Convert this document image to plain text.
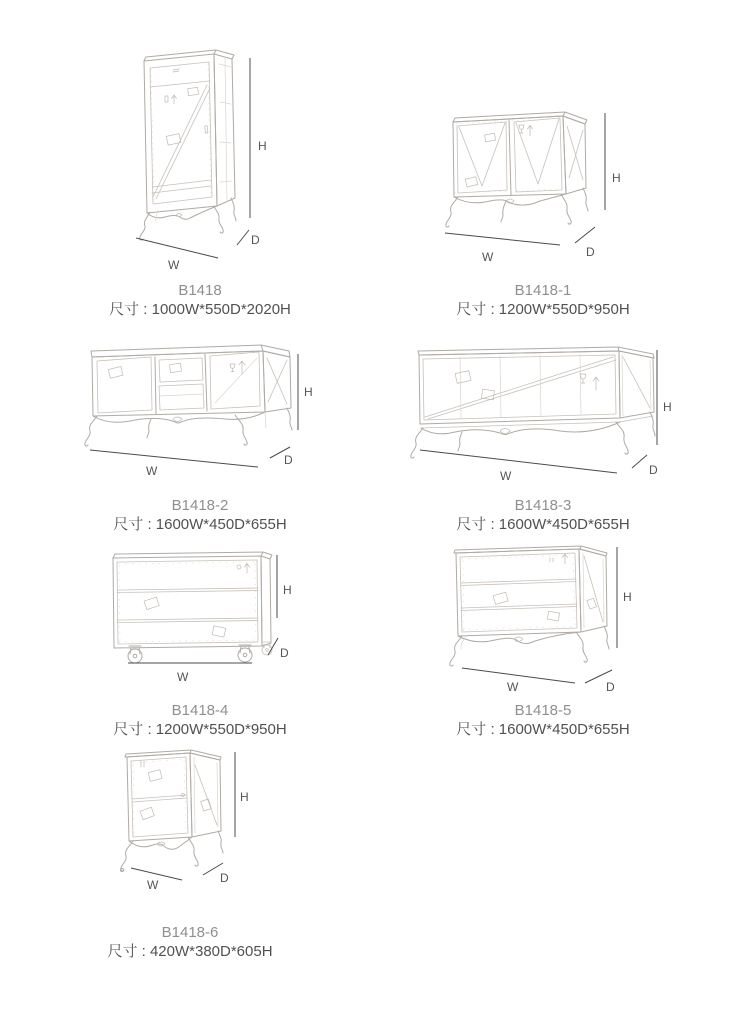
H
W
D
B1418
尺寸 : 1000W*550D*2020H
H
W	D
B1418-1
尺寸 : 1200W*550D*950H
H
W
D
B1418-2
尺寸 : 1600W*450D*655H
H
W	D
B1418-3
尺寸 : 1600W*450D*655H
H
W
D
B1418-4
尺寸 : 1200W*550D*950H
H
W	D
B1418-5
尺寸 : 1600W*450D*655H
H
W	D
B1418-6
尺寸 : 420W*380D*605H
